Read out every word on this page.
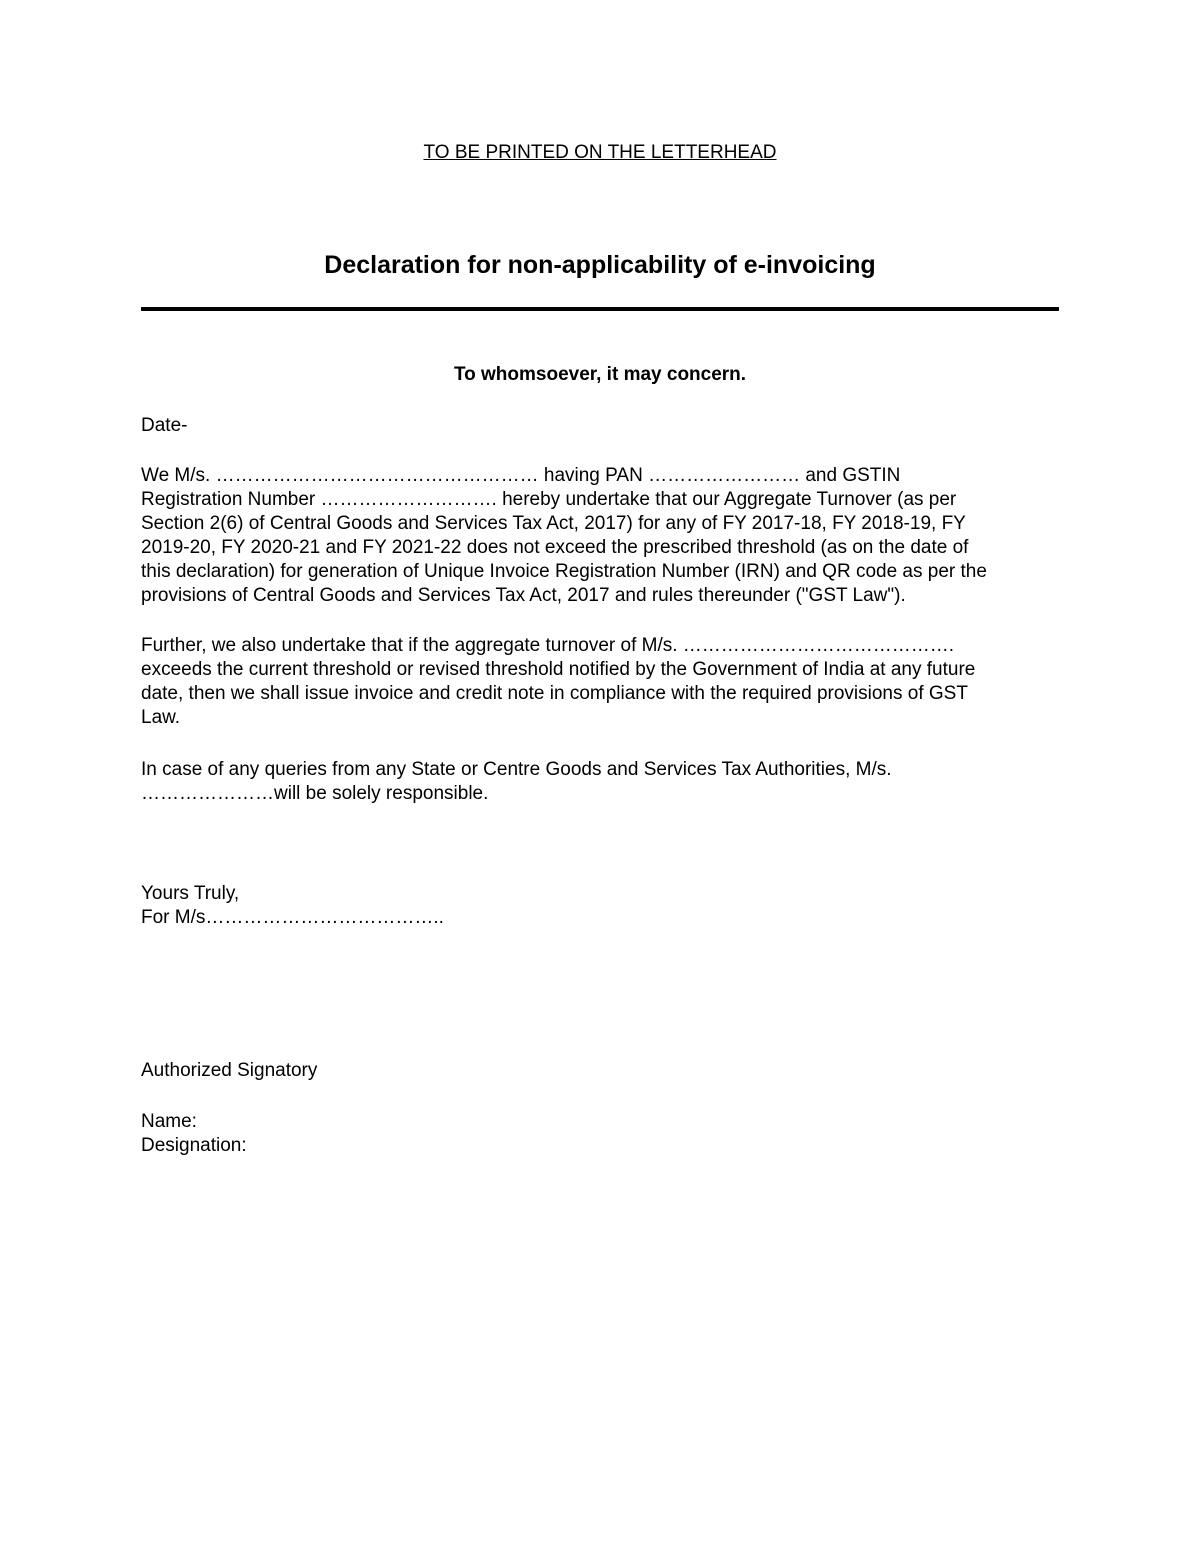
TO BE PRINTED ON THE LETTERHEAD
Declaration for non-applicability of e-invoicing
To whomsoever, it may concern.
Date-
We M/s. …………………………………………… having PAN …………………… and GSTIN
Registration Number ………………………. hereby undertake that our Aggregate Turnover (as per
Section 2(6) of Central Goods and Services Tax Act, 2017) for any of FY 2017-18, FY 2018-19, FY
2019-20, FY 2020-21 and FY 2021-22 does not exceed the prescribed threshold (as on the date of
this declaration) for generation of Unique Invoice Registration Number (IRN) and QR code as per the
provisions of Central Goods and Services Tax Act, 2017 and rules thereunder ("GST Law").
Further, we also undertake that if the aggregate turnover of M/s. …………………………………….
exceeds the current threshold or revised threshold notified by the Government of India at any future
date, then we shall issue invoice and credit note in compliance with the required provisions of GST
Law.
In case of any queries from any State or Centre Goods and Services Tax Authorities, M/s.
…………………will be solely responsible.
Yours Truly,
For M/s………………………………..
Authorized Signatory
Name:
Designation:
